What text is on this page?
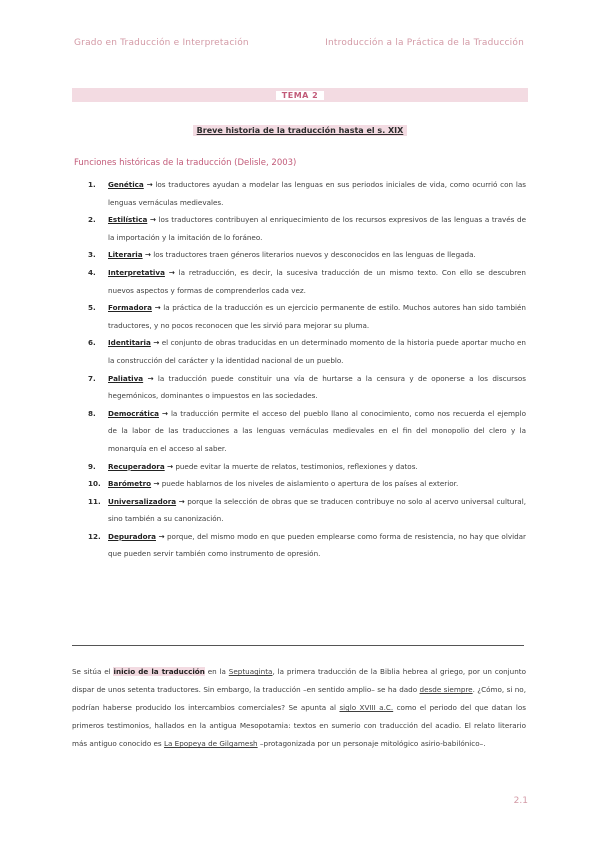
Grado en Traducción e Interpretación	Introducción a la Práctica de la Traducción
TEMA 2
Breve historia de la traducción hasta el s. XIX
Funciones históricas de la traducción (Delisle, 2003)
1. Genética → los traductores ayudan a modelar las lenguas en sus periodos iniciales de vida, como ocurrió con las lenguas vernáculas medievales.
2. Estilística → los traductores contribuyen al enriquecimiento de los recursos expresivos de las lenguas a través de la importación y la imitación de lo foráneo.
3. Literaria → los traductores traen géneros literarios nuevos y desconocidos en las lenguas de llegada.
4. Interpretativa → la retraducción, es decir, la sucesiva traducción de un mismo texto. Con ello se descubren nuevos aspectos y formas de comprenderlos cada vez.
5. Formadora → la práctica de la traducción es un ejercicio permanente de estilo. Muchos autores han sido también traductores, y no pocos reconocen que les sirvió para mejorar su pluma.
6. Identitaria → el conjunto de obras traducidas en un determinado momento de la historia puede aportar mucho en la construcción del carácter y la identidad nacional de un pueblo.
7. Paliativa → la traducción puede constituir una vía de hurtarse a la censura y de oponerse a los discursos hegemónicos, dominantes o impuestos en las sociedades.
8. Democrática → la traducción permite el acceso del pueblo llano al conocimiento, como nos recuerda el ejemplo de la labor de las traducciones a las lenguas vernáculas medievales en el fin del monopolio del clero y la monarquía en el acceso al saber.
9. Recuperadora → puede evitar la muerte de relatos, testimonios, reflexiones y datos.
10. Barómetro → puede hablarnos de los niveles de aislamiento o apertura de los países al exterior.
11. Universalizadora → porque la selección de obras que se traducen contribuye no solo al acervo universal cultural, sino también a su canonización.
12. Depuradora → porque, del mismo modo en que pueden emplearse como forma de resistencia, no hay que olvidar que pueden servir también como instrumento de opresión.

Se sitúa el inicio de la traducción en la Septuaginta, la primera traducción de la Biblia hebrea al griego, por un conjunto dispar de unos setenta traductores. Sin embargo, la traducción –en sentido amplio– se ha dado desde siempre. ¿Cómo, si no, podrían haberse producido los intercambios comerciales? Se apunta al siglo XVIII a.C. como el periodo del que datan los primeros testimonios, hallados en la antigua Mesopotamia: textos en sumerio con traducción del acadio. El relato literario más antiguo conocido es La Epopeya de Gilgamesh –protagonizada por un personaje mitológico asirio-babilónico–.

2.1
